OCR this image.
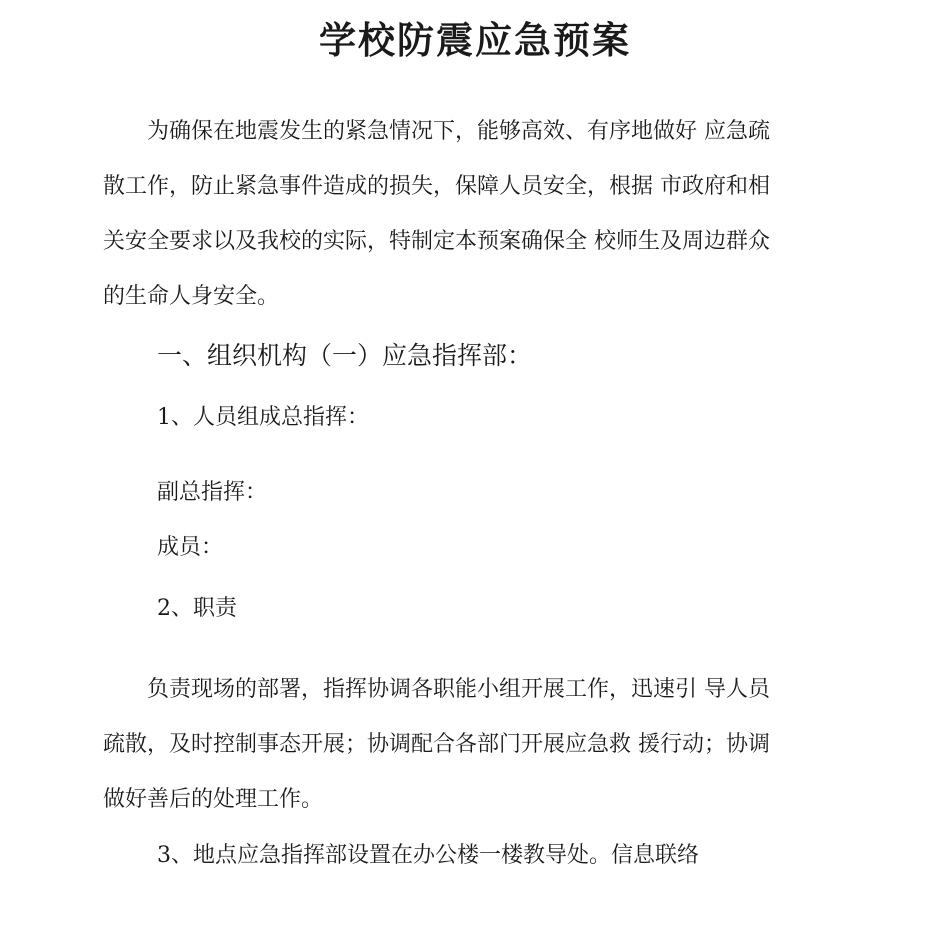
学校防震应急预案

　　为确保在地震发生的紧急情况下，能够高效、有序地做好 应急疏
散工作，防止紧急事件造成的损失，保障人员安全，根据 市政府和相
关安全要求以及我校的实际，特制定本预案确保全 校师生及周边群众
的生命人身安全。

一、组织机构（一）应急指挥部：
1、人员组成总指挥：
副总指挥：
成员：
2、职责

　　负责现场的部署，指挥协调各职能小组开展工作，迅速引 导人员
疏散，及时控制事态开展；协调配合各部门开展应急救 援行动；协调
做好善后的处理工作。

3、地点应急指挥部设置在办公楼一楼教导处。信息联络
